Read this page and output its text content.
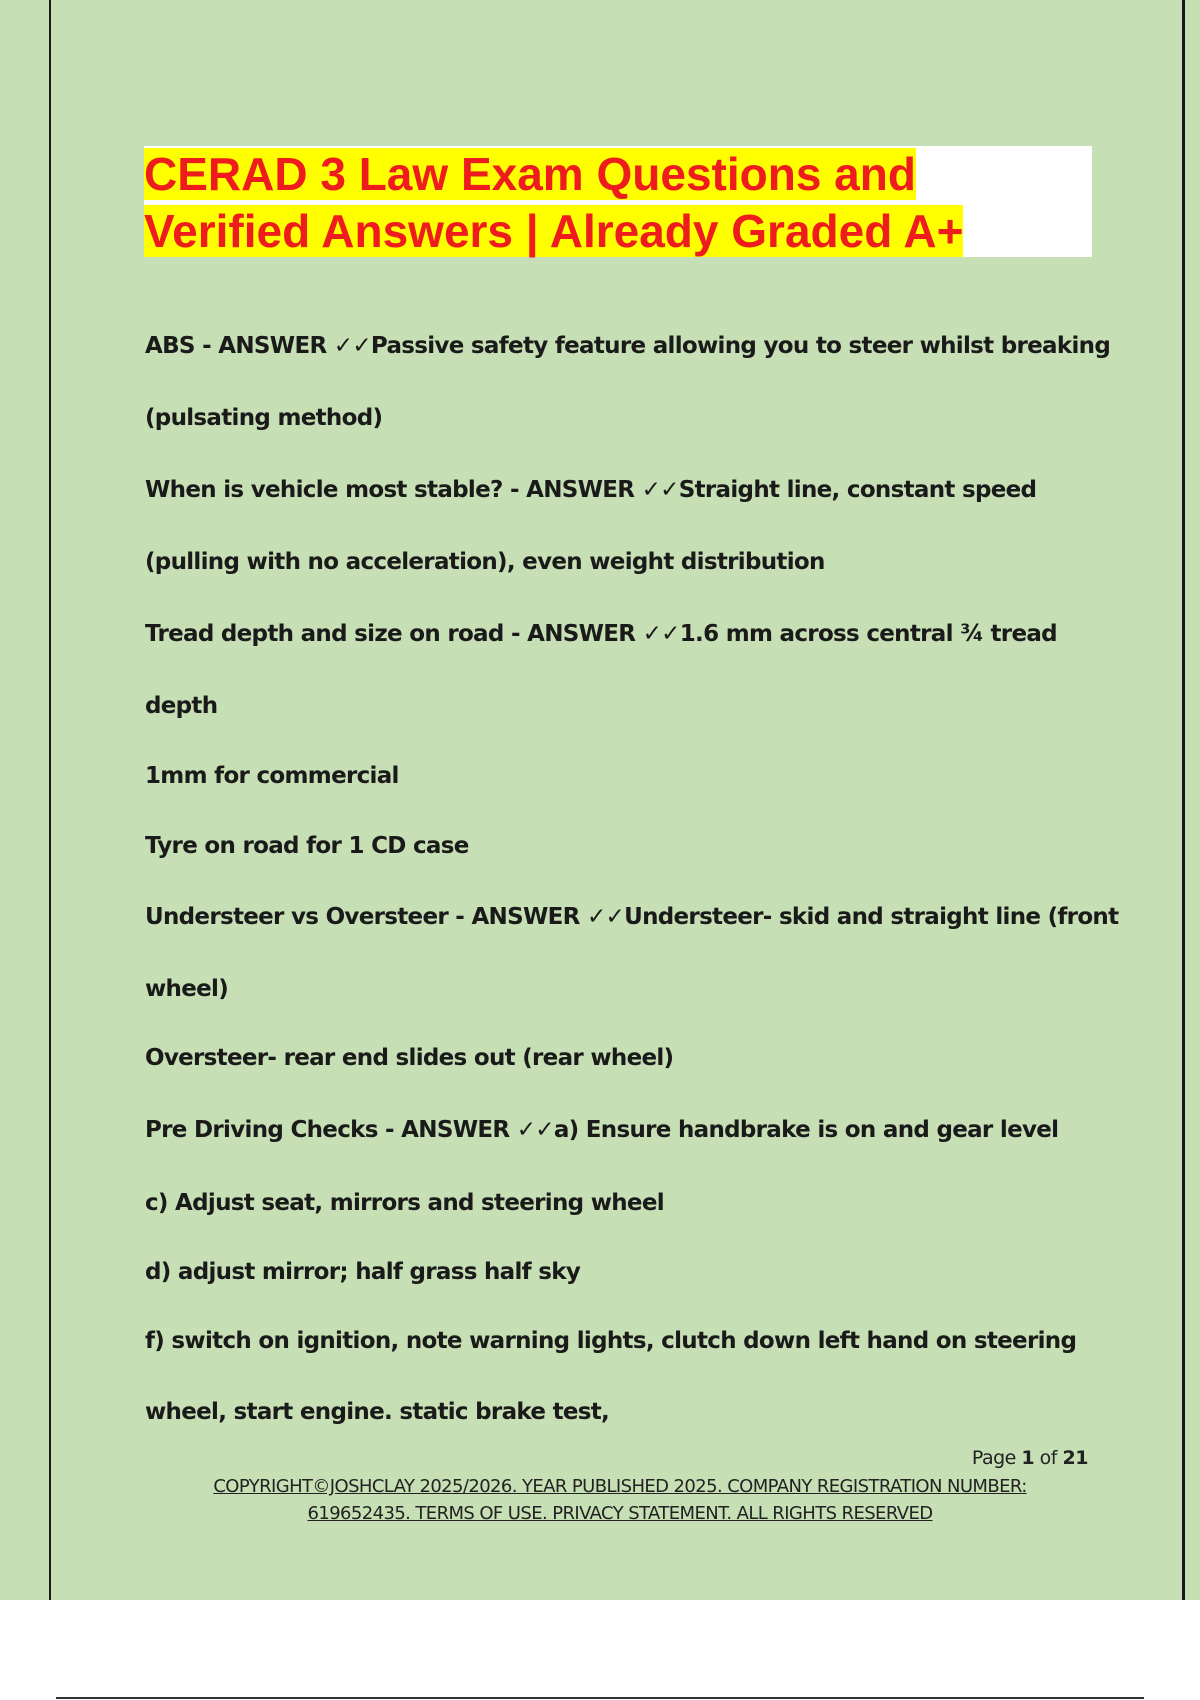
CERAD 3 Law Exam Questions and
Verified Answers | Already Graded A+

ABS - ANSWER ✓✓Passive safety feature allowing you to steer whilst breaking

(pulsating method)

When is vehicle most stable? - ANSWER ✓✓Straight line, constant speed

(pulling with no acceleration), even weight distribution

Tread depth and size on road - ANSWER ✓✓1.6 mm across central ¾ tread

depth

1mm for commercial

Tyre on road for 1 CD case

Understeer vs Oversteer - ANSWER ✓✓Understeer- skid and straight line (front

wheel)

Oversteer- rear end slides out (rear wheel)

Pre Driving Checks - ANSWER ✓✓a) Ensure handbrake is on and gear level

c) Adjust seat, mirrors and steering wheel

d) adjust mirror; half grass half sky

f) switch on ignition, note warning lights, clutch down left hand on steering

wheel, start engine. static brake test,

Page 1 of 21

COPYRIGHT©JOSHCLAY 2025/2026. YEAR PUBLISHED 2025. COMPANY REGISTRATION NUMBER:
619652435. TERMS OF USE. PRIVACY STATEMENT. ALL RIGHTS RESERVED
